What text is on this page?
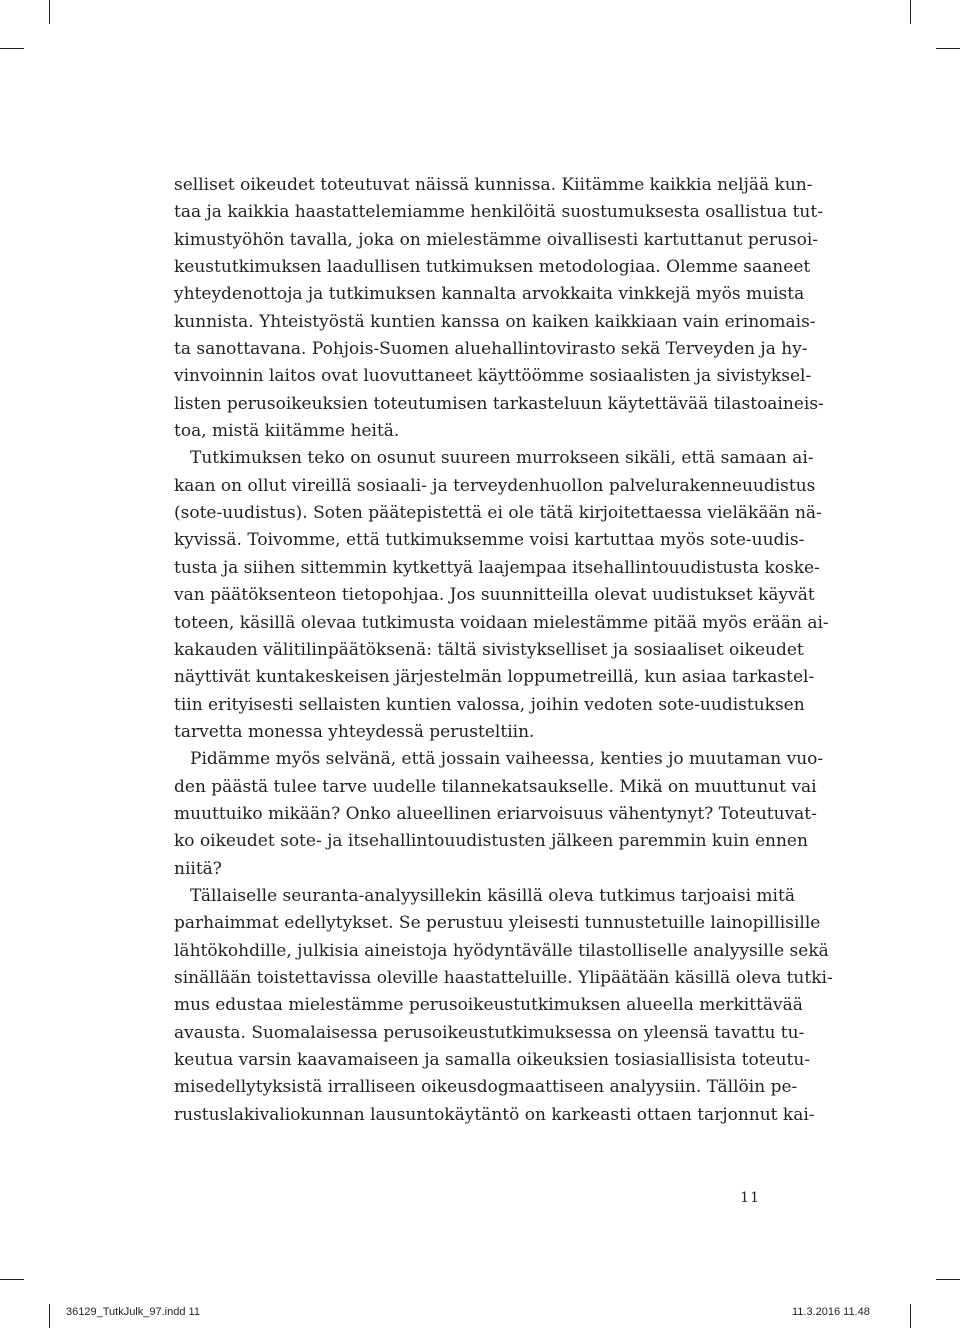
selliset oikeudet toteutuvat näissä kunnissa. Kiitämme kaikkia neljää kun-
taa ja kaikkia haastattelemiamme henkilöitä suostumuksesta osallistua tut-
kimustyöhön tavalla, joka on mielestämme oivallisesti kartuttanut perusoi-
keustutkimuksen laadullisen tutkimuksen metodologiaa. Olemme saaneet
yhteydenottoja ja tutkimuksen kannalta arvokkaita vinkkejä myös muista
kunnista. Yhteistyöstä kuntien kanssa on kaiken kaikkiaan vain erinomais-
ta sanottavana. Pohjois-Suomen aluehallintovirasto sekä Terveyden ja hy-
vinvoinnin laitos ovat luovuttaneet käyttöömme sosiaalisten ja sivistyksel-
listen perusoikeuksien toteutumisen tarkasteluun käytettävää tilastoaineis-
toa, mistä kiitämme heitä.
Tutkimuksen teko on osunut suureen murrokseen sikäli, että samaan ai-
kaan on ollut vireillä sosiaali- ja terveydenhuollon palvelurakenneuudistus
(sote-uudistus). Soten päätepistettä ei ole tätä kirjoitettaessa vieläkään nä-
kyvissä. Toivomme, että tutkimuksemme voisi kartuttaa myös sote-uudis-
tusta ja siihen sittemmin kytkettyä laajempaa itsehallintouudistusta koske-
van päätöksenteon tietopohjaa. Jos suunnitteilla olevat uudistukset käyvät
toteen, käsillä olevaa tutkimusta voidaan mielestämme pitää myös erään ai-
kakauden välitilinpäätöksenä: tältä sivistykselliset ja sosiaaliset oikeudet
näyttivät kuntakeskeisen järjestelmän loppumetreillä, kun asiaa tarkastel-
tiin erityisesti sellaisten kuntien valossa, joihin vedoten sote-uudistuksen
tarvetta monessa yhteydessä perusteltiin.
Pidämme myös selvänä, että jossain vaiheessa, kenties jo muutaman vuo-
den päästä tulee tarve uudelle tilannekatsaukselle. Mikä on muuttunut vai
muuttuiko mikään? Onko alueellinen eriarvoisuus vähentynyt? Toteutuvat-
ko oikeudet sote- ja itsehallintouudistusten jälkeen paremmin kuin ennen
niitä?
Tällaiselle seuranta-analyysillekin käsillä oleva tutkimus tarjoaisi mitä
parhaimmat edellytykset. Se perustuu yleisesti tunnustetuille lainopillisille
lähtökohdille, julkisia aineistoja hyödyntävälle tilastolliselle analyysille sekä
sinällään toistettavissa oleville haastatteluille. Ylipäätään käsillä oleva tutki-
mus edustaa mielestämme perusoikeustutkimuksen alueella merkittävää
avausta. Suomalaisessa perusoikeustutkimuksessa on yleensä tavattu tu-
keutua varsin kaavamaiseen ja samalla oikeuksien tosiasiallisista toteutu-
misedellytyksistä irralliseen oikeusdogmaattiseen analyysiin. Tällöin pe-
rustuslakivaliokunnan lausuntokäytäntö on karkeasti ottaen tarjonnut kai-
11
36129_TutkJulk_97.indd 11	11.3.2016 11.48
